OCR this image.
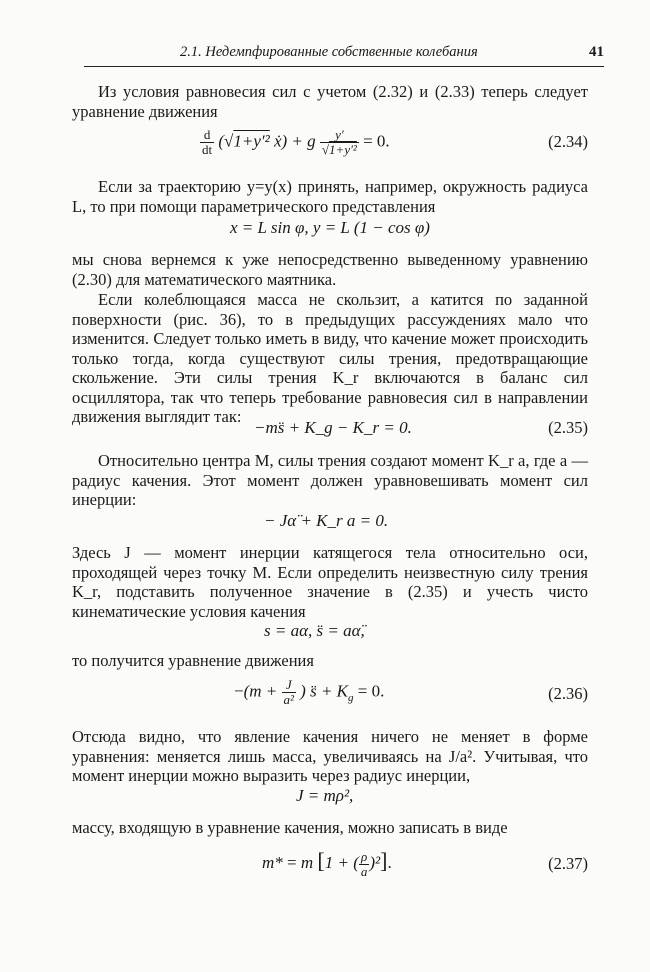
2.1. Недемпфированные собственные колебания	41

Из условия равновесия сил с учетом (2.32) и (2.33) теперь следует уравнение движения

$\frac{d}{dt} (√1+y'^2$ ẋ) + g $\frac{y'}{\text{√1+y′²}} = 0$.	(2.34)

Если за траекторию y=y(x) принять, например, окружность радиуса L, то при помощи параметрического представления

x = L sin φ, y = L (1 − cos φ)

мы снова вернемся к уже непосредственно выведенному уравнению (2.30) для математического маятника.

Если колеблющаяся масса не скользит, а катится по заданной поверхности (рис. 36), то в предыдущих рассуждениях мало что изменится. Следует только иметь в виду, что качение может происходить только тогда, когда существуют силы трения, предотвращающие скольжение. Эти силы трения K_r включаются в баланс сил осциллятора, так что теперь требование равновесия сил в направлении движения выглядит так:

−ms̈ + K_g − K_r = 0.	(2.35)

Относительно центра M, силы трения создают момент K_r a, где a — радиус качения. Этот момент должен уравновешивать момент сил инерции:

− Jα̈ + K_r a = 0.

Здесь J — момент инерции катящегося тела относительно оси, проходящей через точку M. Если определить неизвестную силу трения K_r, подставить полученное значение в (2.35) и учесть чисто кинематические условия качения

s = aα, s̈ = aα̈,

то получится уравнение движения

$-(m + \frac{J}{\text{a²}}$ ) s̈ + $K_g = 0$.	(2.36)

Отсюда видно, что явление качения ничего не меняет в форме уравнения: меняется лишь масса, увеличиваясь на J/a². Учитывая, что момент инерции можно выразить через радиус инерции,

J = mρ²,

массу, входящую в уравнение качения, можно записать в виде

m* = m [1 + ( $\frac{\rho}{a} )^2$].	(2.37)
